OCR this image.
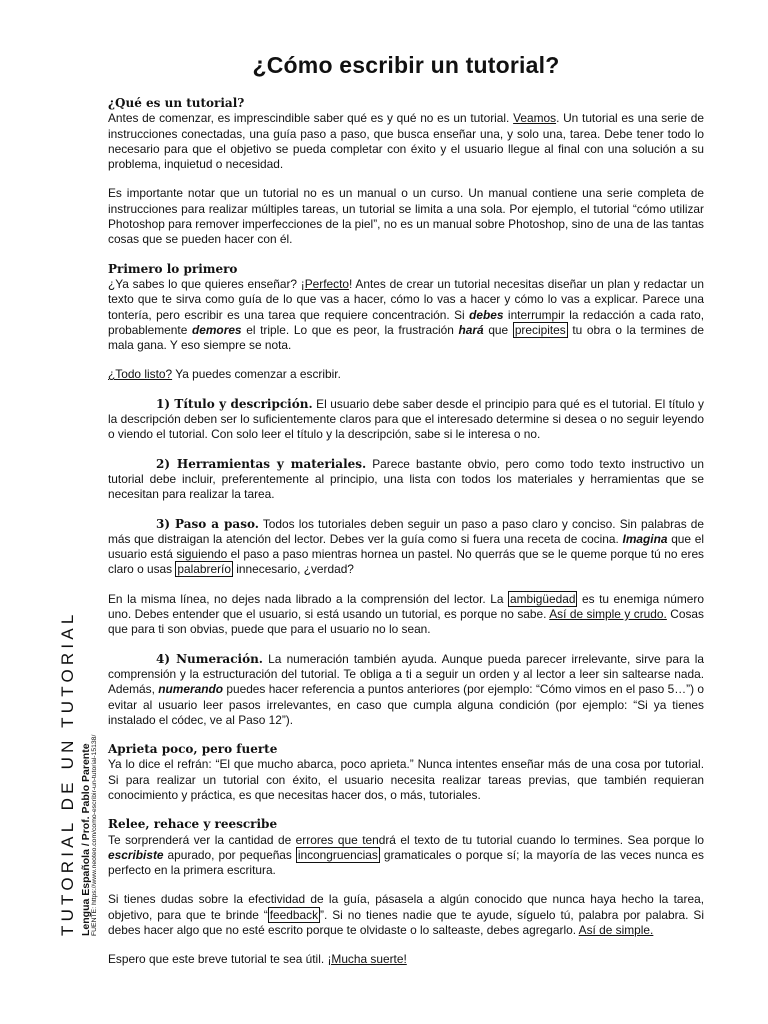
¿Cómo escribir un tutorial?
¿Qué es un tutorial?

Antes de comenzar, es imprescindible saber qué es y qué no es un tutorial. Veamos. Un tutorial es una serie de instrucciones conectadas, una guía paso a paso, que busca enseñar una, y solo una, tarea. Debe tener todo lo necesario para que el objetivo se pueda completar con éxito y el usuario llegue al final con una solución a su problema, inquietud o necesidad.

Es importante notar que un tutorial no es un manual o un curso. Un manual contiene una serie completa de instrucciones para realizar múltiples tareas, un tutorial se limita a una sola. Por ejemplo, el tutorial “cómo utilizar Photoshop para remover imperfecciones de la piel”, no es un manual sobre Photoshop, sino de una de las tantas cosas que se pueden hacer con él.

Primero lo primero

¿Ya sabes lo que quieres enseñar? ¡Perfecto! Antes de crear un tutorial necesitas diseñar un plan y redactar un texto que te sirva como guía de lo que vas a hacer, cómo lo vas a hacer y cómo lo vas a explicar. Parece una tontería, pero escribir es una tarea que requiere concentración. Si debes interrumpir la redacción a cada rato, probablemente demores el triple. Lo que es peor, la frustración hará que precipites tu obra o la termines de mala gana. Y eso siempre se nota.

¿Todo listo? Ya puedes comenzar a escribir.

1) Título y descripción. El usuario debe saber desde el principio para qué es el tutorial. El título y la descripción deben ser lo suficientemente claros para que el interesado determine si desea o no seguir leyendo o viendo el tutorial. Con solo leer el título y la descripción, sabe si le interesa o no.

2) Herramientas y materiales. Parece bastante obvio, pero como todo texto instructivo un tutorial debe incluir, preferentemente al principio, una lista con todos los materiales y herramientas que se necesitan para realizar la tarea.

3) Paso a paso. Todos los tutoriales deben seguir un paso a paso claro y conciso. Sin palabras de más que distraigan la atención del lector. Debes ver la guía como si fuera una receta de cocina. Imagina que el usuario está siguiendo el paso a paso mientras hornea un pastel. No querrás que se le queme porque tú no eres claro o usas palabrerío innecesario, ¿verdad?

En la misma línea, no dejes nada librado a la comprensión del lector. La ambigüedad es tu enemiga número uno. Debes entender que el usuario, si está usando un tutorial, es porque no sabe. Así de simple y crudo. Cosas que para ti son obvias, puede que para el usuario no lo sean.

4) Numeración. La numeración también ayuda. Aunque pueda parecer irrelevante, sirve para la comprensión y la estructuración del tutorial. Te obliga a ti a seguir un orden y al lector a leer sin saltearse nada. Además, numerando puedes hacer referencia a puntos anteriores (por ejemplo: “Cómo vimos en el paso 5…”) o evitar al usuario leer pasos irrelevantes, en caso que cumpla alguna condición (por ejemplo: “Si ya tienes instalado el códec, ve al Paso 12”).

Aprieta poco, pero fuerte

Ya lo dice el refrán: “El que mucho abarca, poco aprieta.” Nunca intentes enseñar más de una cosa por tutorial. Si para realizar un tutorial con éxito, el usuario necesita realizar tareas previas, que también requieran conocimiento y práctica, es que necesitas hacer dos, o más, tutoriales.

Relee, rehace y reescribe

Te sorprenderá ver la cantidad de errores que tendrá el texto de tu tutorial cuando lo termines. Sea porque lo escribiste apurado, por pequeñas incongruencias gramaticales o porque sí; la mayoría de las veces nunca es perfecto en la primera escritura.

Si tienes dudas sobre la efectividad de la guía, pásasela a algún conocido que nunca haya hecho la tarea, objetivo, para que te brinde “ feedback ”. Si no tienes nadie que te ayude, síguelo tú, palabra por palabra. Si debes hacer algo que no esté escrito porque te olvidaste o lo salteaste, debes agregarlo. Así de simple.

Espero que este breve tutorial te sea útil. ¡Mucha suerte!

TUTORIAL DE UN TUTORIAL Lengua Española / Prof. Pablo Parente FUENTE: https://www.neoteo.com/como-escribir-un-tutorial-15138/
